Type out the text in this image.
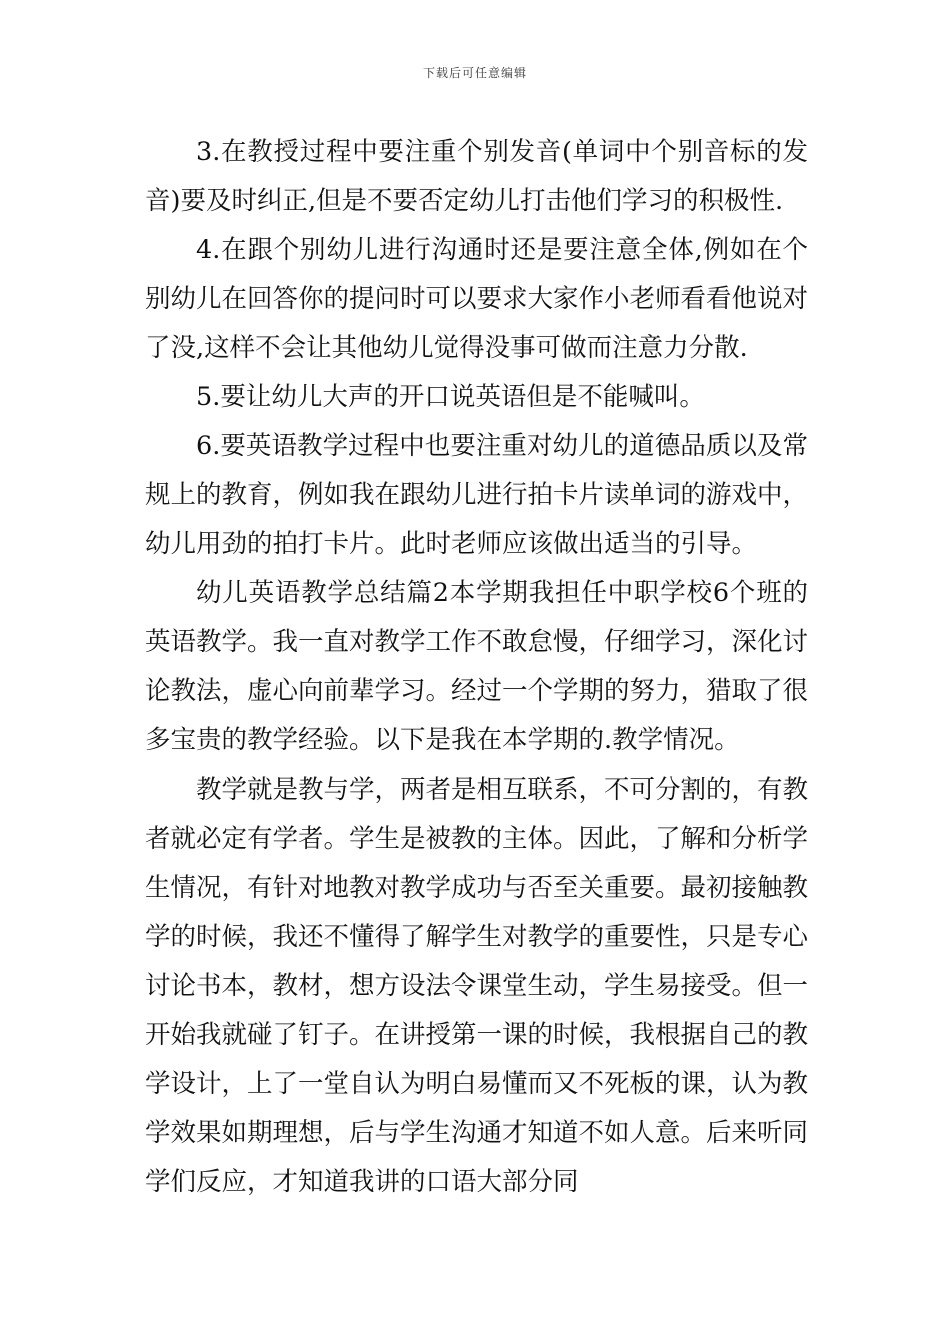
下载后可任意编辑

3.在教授过程中要注重个别发音(单词中个别音标的发音)要及时纠正,但是不要否定幼儿打击他们学习的积极性.

4.在跟个别幼儿进行沟通时还是要注意全体,例如在个别幼儿在回答你的提问时可以要求大家作小老师看看他说对了没,这样不会让其他幼儿觉得没事可做而注意力分散.

5.要让幼儿大声的开口说英语但是不能喊叫。

6.要英语教学过程中也要注重对幼儿的道德品质以及常规上的教育，例如我在跟幼儿进行拍卡片读单词的游戏中，幼儿用劲的拍打卡片。此时老师应该做出适当的引导。

幼儿英语教学总结篇2本学期我担任中职学校6个班的英语教学。我一直对教学工作不敢怠慢，仔细学习，深化讨论教法，虚心向前辈学习。经过一个学期的努力，猎取了很多宝贵的教学经验。以下是我在本学期的.教学情况。

教学就是教与学，两者是相互联系，不可分割的，有教者就必定有学者。学生是被教的主体。因此，了解和分析学生情况，有针对地教对教学成功与否至关重要。最初接触教学的时候，我还不懂得了解学生对教学的重要性，只是专心讨论书本，教材，想方设法令课堂生动，学生易接受。但一开始我就碰了钉子。在讲授第一课的时候，我根据自己的教学设计，上了一堂自认为明白易懂而又不死板的课，认为教学效果如期理想，后与学生沟通才知道不如人意。后来听同学们反应，才知道我讲的口语大部分同
